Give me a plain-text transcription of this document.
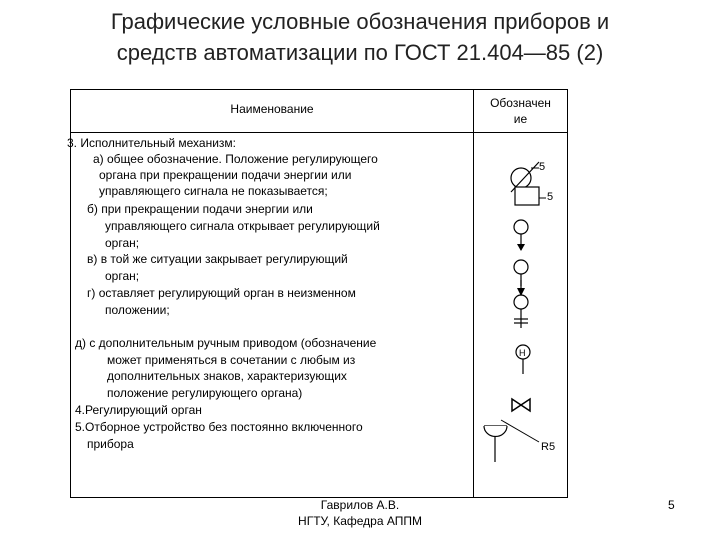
Графические условные обозначения приборов и
средств автоматизации по ГОСТ 21.404—85 (2)
Наименование	Обозначен
ие
3. Исполнительный механизм:
а) общее обозначение. Положение регулирующего
органа при прекращении подачи энергии или
управляющего сигнала не показывается;
б) при прекращении подачи энергии или
управляющего сигнала открывает регулирующий
орган;
в) в той же ситуации закрывает регулирующий
орган;
г) оставляет регулирующий орган в неизменном
положении;
д) с дополнительным ручным приводом (обозначение
может применяться в сочетании с любым из
дополнительных знаков, характеризующих
положение регулирующего органа)
4.Регулирующий орган
5.Отборное устройство без постоянно включенного
прибора
5
5
Н
R5
Гаврилов А.В.
НГТУ, Кафедра АППМ
5
